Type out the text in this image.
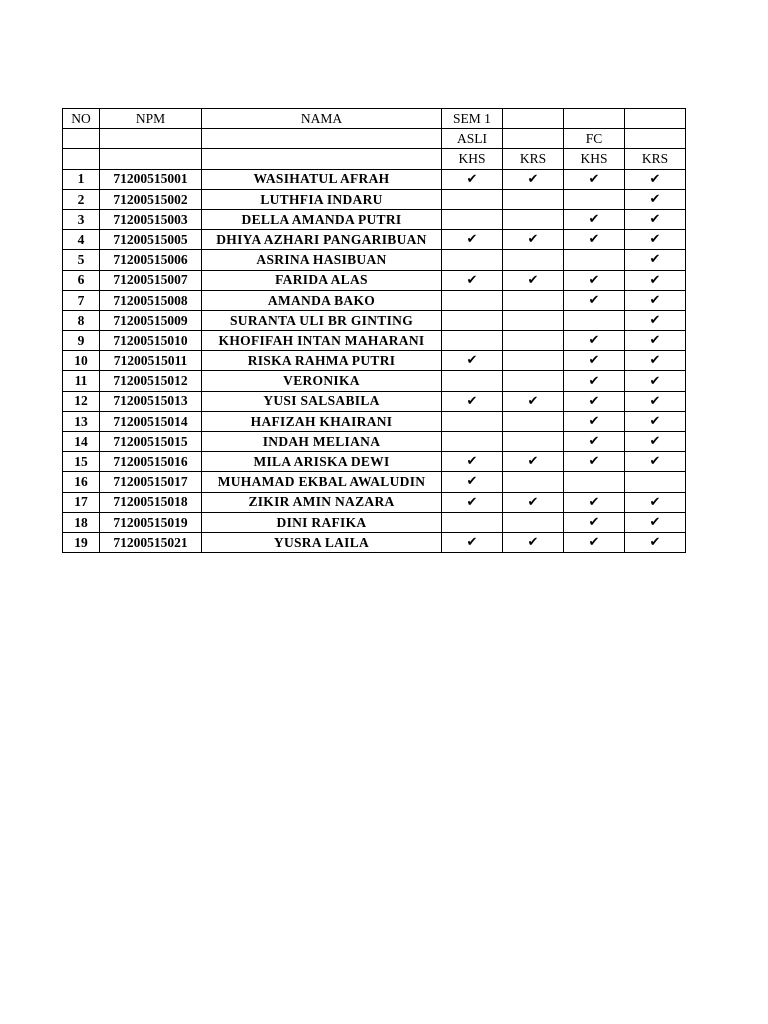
NO	NPM	NAMA	SEM 1			
			ASLI		FC	
			KHS	KRS	KHS	KRS
1	71200515001	WASIHATUL AFRAH	✔	✔	✔	✔
2	71200515002	LUTHFIA INDARU				✔
3	71200515003	DELLA AMANDA PUTRI			✔	✔
4	71200515005	DHIYA AZHARI PANGARIBUAN	✔	✔	✔	✔
5	71200515006	ASRINA HASIBUAN				✔
6	71200515007	FARIDA ALAS	✔	✔	✔	✔
7	71200515008	AMANDA BAKO			✔	✔
8	71200515009	SURANTA ULI BR GINTING				✔
9	71200515010	KHOFIFAH INTAN MAHARANI			✔	✔
10	71200515011	RISKA RAHMA PUTRI	✔		✔	✔
11	71200515012	VERONIKA			✔	✔
12	71200515013	YUSI SALSABILA	✔	✔	✔	✔
13	71200515014	HAFIZAH KHAIRANI			✔	✔
14	71200515015	INDAH MELIANA			✔	✔
15	71200515016	MILA ARISKA DEWI	✔	✔	✔	✔
16	71200515017	MUHAMAD EKBAL AWALUDIN	✔			
17	71200515018	ZIKIR AMIN NAZARA	✔	✔	✔	✔
18	71200515019	DINI RAFIKA			✔	✔
19	71200515021	YUSRA LAILA	✔	✔	✔	✔
